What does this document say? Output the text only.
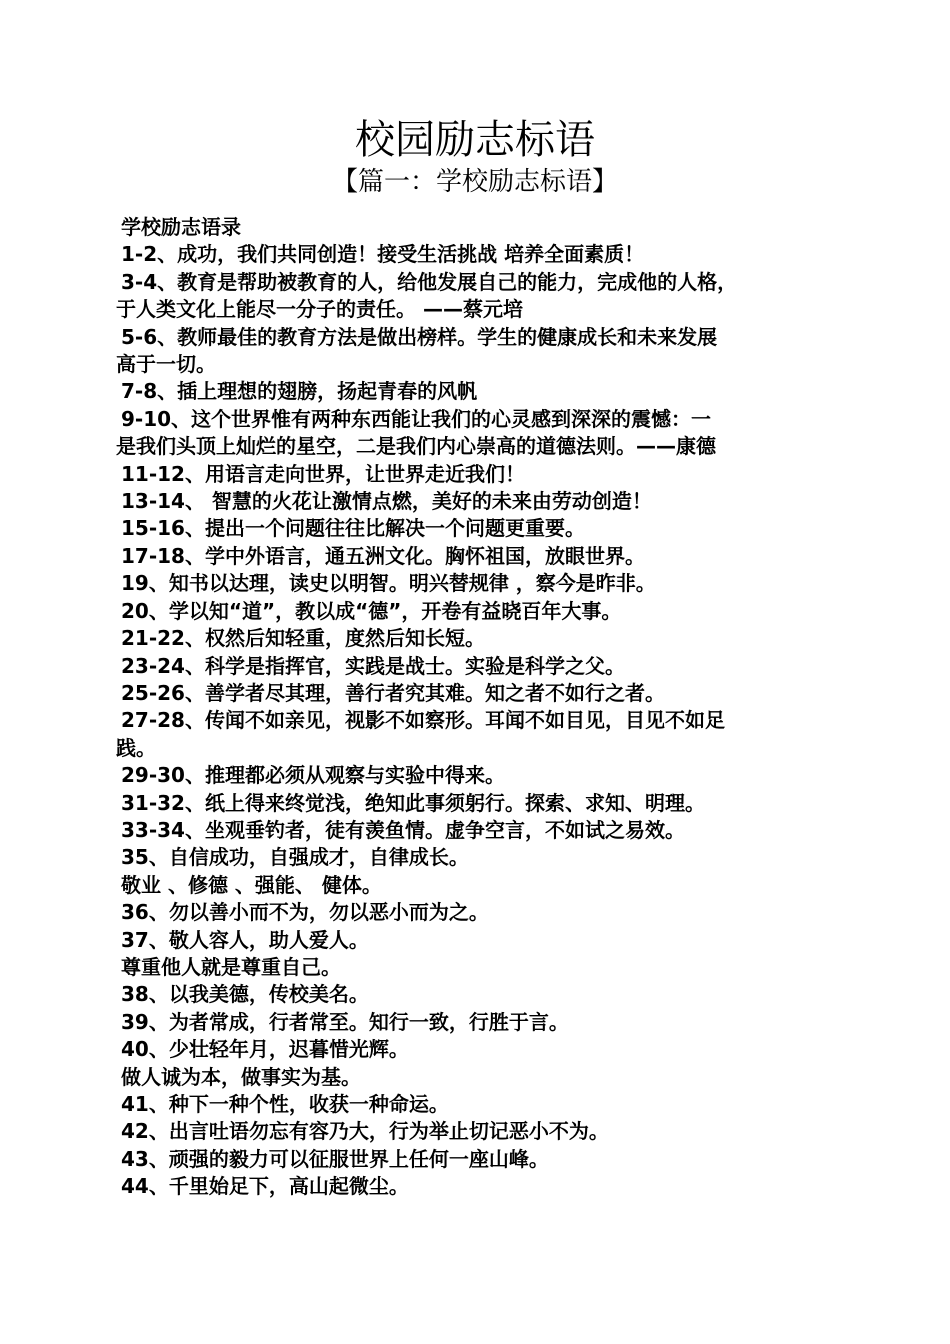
校园励志标语
【篇一：学校励志标语】
学校励志语录
1-2、成功，我们共同创造！接受生活挑战 培养全面素质！
3-4、教育是帮助被教育的人，给他发展自己的能力，完成他的人格，
于人类文化上能尽一分子的责任。 ——蔡元培
5-6、教师最佳的教育方法是做出榜样。学生的健康成长和未来发展
高于一切。
7-8、插上理想的翅膀，扬起青春的风帆
9-10、这个世界惟有两种东西能让我们的心灵感到深深的震憾：一
是我们头顶上灿烂的星空，二是我们内心崇高的道德法则。——康德
11-12、用语言走向世界，让世界走近我们！
13-14、 智慧的火花让激情点燃，美好的未来由劳动创造！
15-16、提出一个问题往往比解决一个问题更重要。
17-18、学中外语言，通五洲文化。胸怀祖国，放眼世界。
19、知书以达理，读史以明智。明兴替规律 ，察今是昨非。
20、学以知“道”，教以成“德”，开卷有益晓百年大事。
21-22、权然后知轻重，度然后知长短。
23-24、科学是指挥官，实践是战士。实验是科学之父。
25-26、善学者尽其理，善行者究其难。知之者不如行之者。
27-28、传闻不如亲见，视影不如察形。耳闻不如目见，目见不如足
践。
29-30、推理都必须从观察与实验中得来。
31-32、纸上得来终觉浅，绝知此事须躬行。探索、求知、明理。
33-34、坐观垂钓者，徒有羡鱼情。虚争空言，不如试之易效。
35、自信成功，自强成才，自律成长。
敬业 、修德 、强能、 健体。
36、勿以善小而不为，勿以恶小而为之。
37、敬人容人，助人爱人。
尊重他人就是尊重自己。
38、以我美德，传校美名。
39、为者常成，行者常至。知行一致，行胜于言。
40、少壮轻年月，迟暮惜光辉。
做人诚为本，做事实为基。
41、种下一种个性，收获一种命运。
42、出言吐语勿忘有容乃大，行为举止切记恶小不为。
43、顽强的毅力可以征服世界上任何一座山峰。
44、千里始足下，高山起微尘。
